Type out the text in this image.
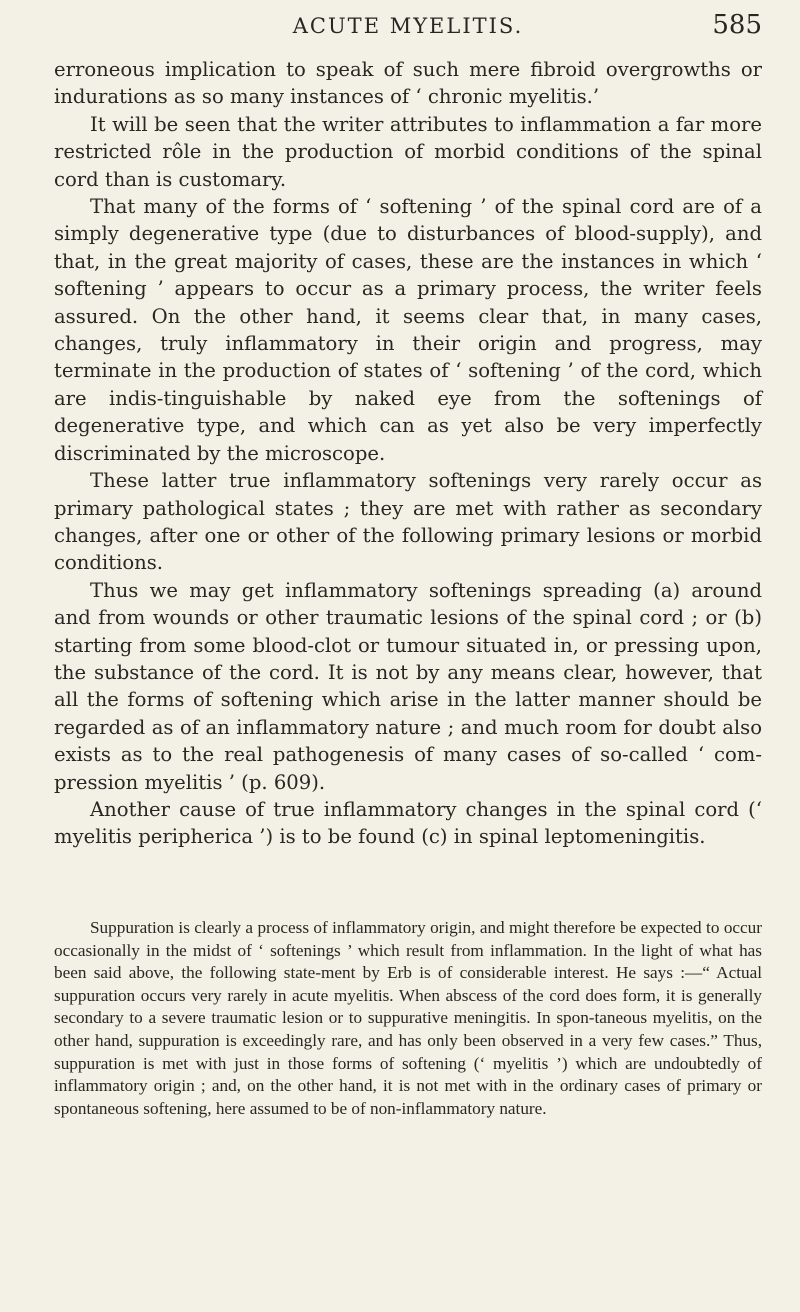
ACUTE MYELITIS.	585

erroneous implication to speak of such mere fibroid overgrowths or indurations as so many instances of ‘ chronic myelitis.’

It will be seen that the writer attributes to inflammation a far more restricted rôle in the production of morbid conditions of the spinal cord than is customary.

That many of the forms of ‘ softening ’ of the spinal cord are of a simply degenerative type (due to disturbances of blood-supply), and that, in the great majority of cases, these are the instances in which ‘ softening ’ appears to occur as a primary process, the writer feels assured. On the other hand, it seems clear that, in many cases, changes, truly inflammatory in their origin and progress, may terminate in the production of states of ‘ softening ’ of the cord, which are indis-tinguishable by naked eye from the softenings of degenerative type, and which can as yet also be very imperfectly discriminated by the microscope.

These latter true inflammatory softenings very rarely occur as primary pathological states ; they are met with rather as secondary changes, after one or other of the following primary lesions or morbid conditions.

Thus we may get inflammatory softenings spreading (a) around and from wounds or other traumatic lesions of the spinal cord ; or (b) starting from some blood-clot or tumour situated in, or pressing upon, the substance of the cord. It is not by any means clear, however, that all the forms of softening which arise in the latter manner should be regarded as of an inflammatory nature ; and much room for doubt also exists as to the real pathogenesis of many cases of so-called ‘ com-pression myelitis ’ (p. 609).

Another cause of true inflammatory changes in the spinal cord (‘ myelitis peripherica ’) is to be found (c) in spinal leptomeningitis.

Suppuration is clearly a process of inflammatory origin, and might therefore be expected to occur occasionally in the midst of ‘ softenings ’ which result from inflammation. In the light of what has been said above, the following state-ment by Erb is of considerable interest. He says :—“ Actual suppuration occurs very rarely in acute myelitis. When abscess of the cord does form, it is generally secondary to a severe traumatic lesion or to suppurative meningitis. In spon-taneous myelitis, on the other hand, suppuration is exceedingly rare, and has only been observed in a very few cases.” Thus, suppuration is met with just in those forms of softening (‘ myelitis ’) which are undoubtedly of inflammatory origin ; and, on the other hand, it is not met with in the ordinary cases of primary or spontaneous softening, here assumed to be of non-inflammatory nature.
